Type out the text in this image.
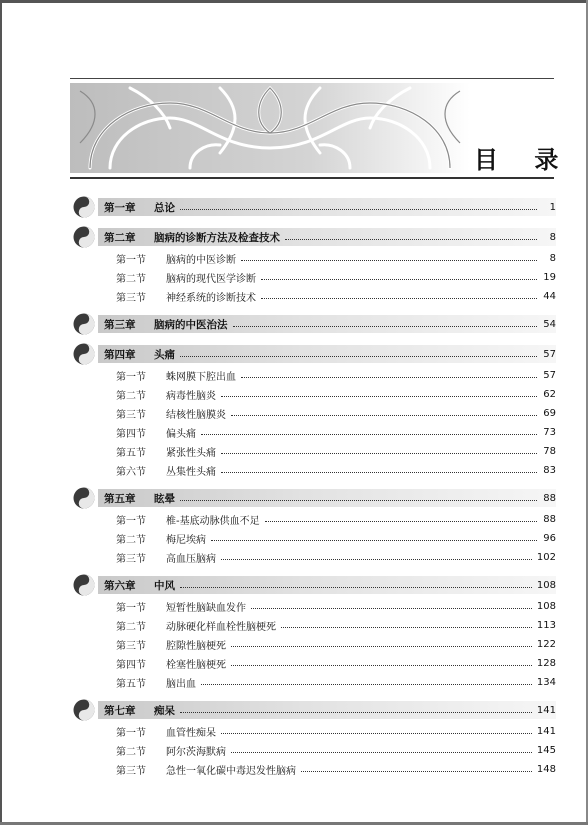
目 录
第一章	总论	1
第二章	脑病的诊断方法及检查技术	8
第一节	脑病的中医诊断	8
第二节	脑病的现代医学诊断	19
第三节	神经系统的诊断技术	44
第三章	脑病的中医治法	54
第四章	头痛	57
第一节	蛛网膜下腔出血	57
第二节	病毒性脑炎	62
第三节	结核性脑膜炎	69
第四节	偏头痛	73
第五节	紧张性头痛	78
第六节	丛集性头痛	83
第五章	眩晕	88
第一节	椎-基底动脉供血不足	88
第二节	梅尼埃病	96
第三节	高血压脑病	102
第六章	中风	108
第一节	短暂性脑缺血发作	108
第二节	动脉硬化样血栓性脑梗死	113
第三节	腔隙性脑梗死	122
第四节	栓塞性脑梗死	128
第五节	脑出血	134
第七章	痴呆	141
第一节	血管性痴呆	141
第二节	阿尔茨海默病	145
第三节	急性一氧化碳中毒迟发性脑病	148
